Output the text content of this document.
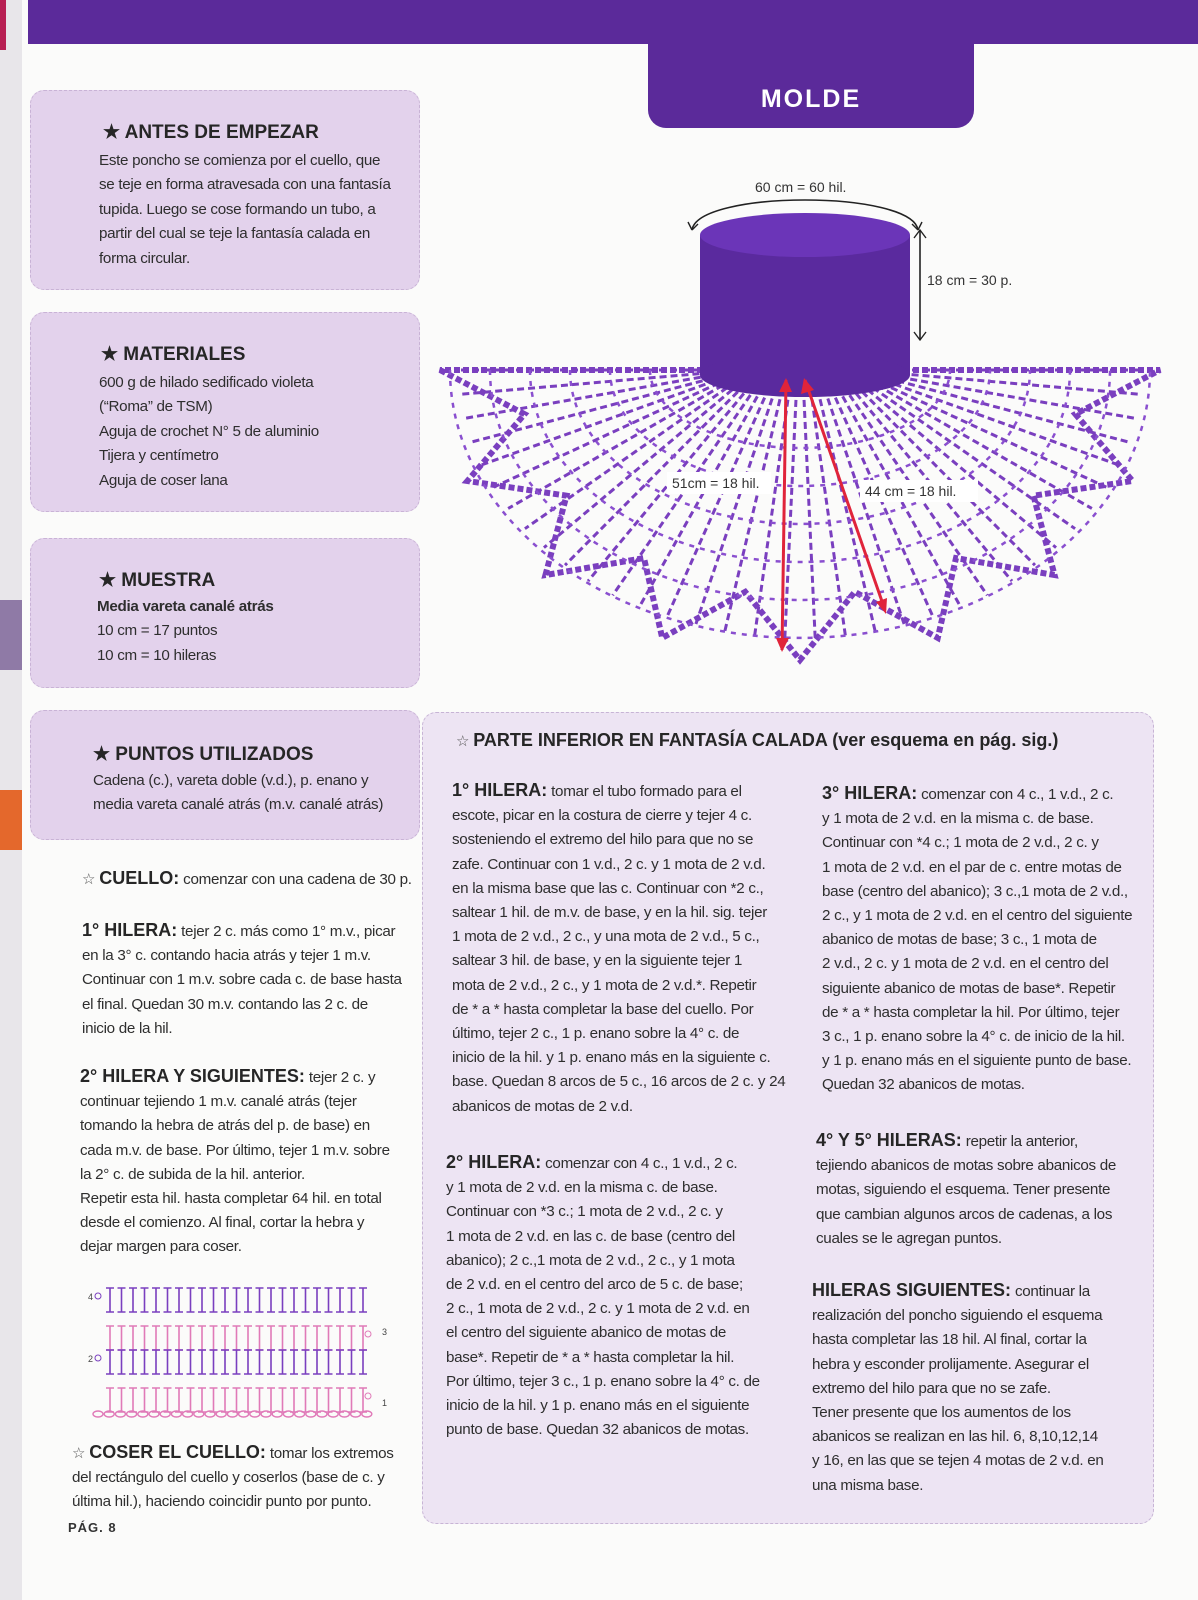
MOLDE
★ ANTES DE EMPEZAR
Este poncho se comienza por el cuello, que
se teje en forma atravesada con una fantasía
tupida. Luego se cose formando un tubo, a
partir del cual se teje la fantasía calada en
forma circular.
★ MATERIALES
600 g de hilado sedificado violeta
(“Roma” de TSM)
Aguja de crochet N° 5 de aluminio
Tijera y centímetro
Aguja de coser lana
★ MUESTRA
Media vareta canalé atrás
10 cm = 17 puntos
10 cm = 10 hileras
★ PUNTOS UTILIZADOS
Cadena (c.), vareta doble (v.d.), p. enano y
media vareta canalé atrás (m.v. canalé atrás)
☆ CUELLO: comenzar con una cadena de 30 p.
1° HILERA: tejer 2 c. más como 1° m.v., picar
en la 3° c. contando hacia atrás y tejer 1 m.v.
Continuar con 1 m.v. sobre cada c. de base hasta
el final. Quedan 30 m.v. contando las 2 c. de
inicio de la hil.
2° HILERA Y SIGUIENTES: tejer 2 c. y
continuar tejiendo 1 m.v. canalé atrás (tejer
tomando la hebra de atrás del p. de base) en
cada m.v. de base. Por último, tejer 1 m.v. sobre
la 2° c. de subida de la hil. anterior.
Repetir esta hil. hasta completar 64 hil. en total
desde el comienzo. Al final, cortar la hebra y
dejar margen para coser.
4
3
2
1
☆ COSER EL CUELLO: tomar los extremos
del rectángulo del cuello y coserlos (base de c. y
última hil.), haciendo coincidir punto por punto.
PÁG. 8
60 cm = 60 hil.
18 cm = 30 p.
51cm = 18 hil.	44 cm = 18 hil.
☆ PARTE INFERIOR EN FANTASÍA CALADA (ver esquema en pág. sig.)
1° HILERA: tomar el tubo formado para el
escote, picar en la costura de cierre y tejer 4 c.
sosteniendo el extremo del hilo para que no se
zafe. Continuar con 1 v.d., 2 c. y 1 mota de 2 v.d.
en la misma base que las c. Continuar con *2 c.,
saltear 1 hil. de m.v. de base, y en la hil. sig. tejer
1 mota de 2 v.d., 2 c., y una mota de 2 v.d., 5 c.,
saltear 3 hil. de base, y en la siguiente tejer 1
mota de 2 v.d., 2 c., y 1 mota de 2 v.d.*. Repetir
de * a * hasta completar la base del cuello. Por
último, tejer 2 c., 1 p. enano sobre la 4° c. de
inicio de la hil. y 1 p. enano más en la siguiente c.
base. Quedan 8 arcos de 5 c., 16 arcos de 2 c. y 24
abanicos de motas de 2 v.d.
2° HILERA: comenzar con 4 c., 1 v.d., 2 c.
y 1 mota de 2 v.d. en la misma c. de base.
Continuar con *3 c.; 1 mota de 2 v.d., 2 c. y
1 mota de 2 v.d. en las c. de base (centro del
abanico); 2 c.,1 mota de 2 v.d., 2 c., y 1 mota
de 2 v.d. en el centro del arco de 5 c. de base;
2 c., 1 mota de 2 v.d., 2 c. y 1 mota de 2 v.d. en
el centro del siguiente abanico de motas de
base*. Repetir de * a * hasta completar la hil.
Por último, tejer 3 c., 1 p. enano sobre la 4° c. de
inicio de la hil. y 1 p. enano más en el siguiente
punto de base. Quedan 32 abanicos de motas.
3° HILERA: comenzar con 4 c., 1 v.d., 2 c.
y 1 mota de 2 v.d. en la misma c. de base.
Continuar con *4 c.; 1 mota de 2 v.d., 2 c. y
1 mota de 2 v.d. en el par de c. entre motas de
base (centro del abanico); 3 c.,1 mota de 2 v.d.,
2 c., y 1 mota de 2 v.d. en el centro del siguiente
abanico de motas de base; 3 c., 1 mota de
2 v.d., 2 c. y 1 mota de 2 v.d. en el centro del
siguiente abanico de motas de base*. Repetir
de * a * hasta completar la hil. Por último, tejer
3 c., 1 p. enano sobre la 4° c. de inicio de la hil.
y 1 p. enano más en el siguiente punto de base.
Quedan 32 abanicos de motas.
4° Y 5° HILERAS: repetir la anterior,
tejiendo abanicos de motas sobre abanicos de
motas, siguiendo el esquema. Tener presente
que cambian algunos arcos de cadenas, a los
cuales se le agregan puntos.
HILERAS SIGUIENTES: continuar la
realización del poncho siguiendo el esquema
hasta completar las 18 hil. Al final, cortar la
hebra y esconder prolijamente. Asegurar el
extremo del hilo para que no se zafe.
Tener presente que los aumentos de los
abanicos se realizan en las hil. 6, 8,10,12,14
y 16, en las que se tejen 4 motas de 2 v.d. en
una misma base.
